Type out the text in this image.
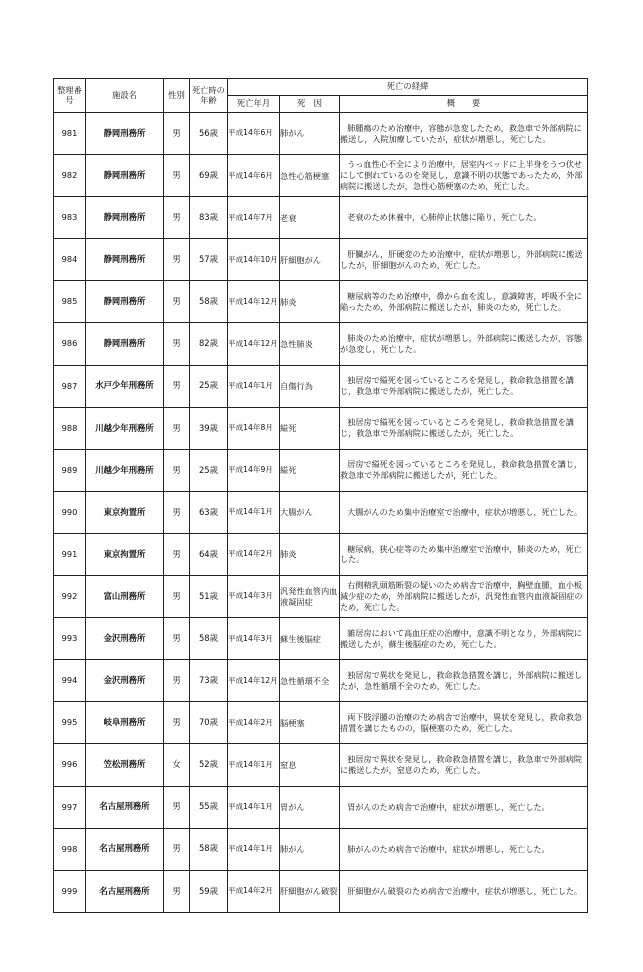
整理番号	施設名	性別	死亡時の年齢	死亡の経緯		
				死亡年月	死　因	概　　要
981	静岡刑務所	男	56歳	平成14年6月	肺がん	肺腫瘍のため治療中，容態が急変したため，救急車で外部病院に搬送し，入院加療していたが，症状が増悪し，死亡した。
982	静岡刑務所	男	69歳	平成14年6月	急性心筋梗塞	うっ血性心不全により治療中，居室内ベッドに上半身をうつ伏せにして倒れているのを発見し，意識不明の状態であったため，外部病院に搬送したが，急性心筋梗塞のため，死亡した。
983	静岡刑務所	男	83歳	平成14年7月	老衰	老衰のため休養中，心肺停止状態に陥り，死亡した。
984	静岡刑務所	男	57歳	平成14年10月	肝細胞がん	肝臓がん，肝硬変のため治療中，症状が増悪し，外部病院に搬送したが，肝細胞がんのため，死亡した。
985	静岡刑務所	男	58歳	平成14年12月	肺炎	糖尿病等のため治療中，鼻から血を流し，意識障害，呼吸不全に陥ったため，外部病院に搬送したが，肺炎のため，死亡した。
986	静岡刑務所	男	82歳	平成14年12月	急性肺炎	肺炎のため治療中，症状が増悪し，外部病院に搬送したが，容態が急変し，死亡した。
987	水戸少年刑務所	男	25歳	平成14年1月	自傷行為	独居房で縊死を図っているところを発見し，救命救急措置を講じ，救急車で外部病院に搬送したが，死亡した。
988	川越少年刑務所	男	39歳	平成14年8月	縊死	独居房で縊死を図っているところを発見し，救命救急措置を講じ，救急車で外部病院に搬送したが，死亡した。
989	川越少年刑務所	男	25歳	平成14年9月	縊死	居房で縊死を図っているところを発見し，救命救急措置を講じ，救急車で外部病院に搬送したが，死亡した。
990	東京拘置所	男	63歳	平成14年1月	大腸がん	大腸がんのため集中治療室で治療中，症状が増悪し，死亡した。
991	東京拘置所	男	64歳	平成14年2月	肺炎	糖尿病，狭心症等のため集中治療室で治療中，肺炎のため，死亡した。
992	富山刑務所	男	51歳	平成14年3月	汎発性血管内血液凝固症	右側精乳頭筋断裂の疑いのため病舎で治療中，胸壁血腫，血小板減少症のため，外部病院に搬送したが，汎発性血管内血液凝固症のため，死亡した。
993	金沢刑務所	男	58歳	平成14年3月	蘇生後脳症	雑居房において高血圧症の治療中，意識不明となり，外部病院に搬送したが，蘇生後脳症のため，死亡した。
994	金沢刑務所	男	73歳	平成14年12月	急性循環不全	独居房で異状を発見し，救命救急措置を講じ，外部病院に搬送したが，急性循環不全のため，死亡した。
995	岐阜刑務所	男	70歳	平成14年2月	脳梗塞	両下肢浮腫の治療のため病舎で治療中，異状を発見し，救命救急措置を講じたものの，脳梗塞のため，死亡した。
996	笠松刑務所	女	52歳	平成14年1月	窒息	独居房で異状を発見し，救命救急措置を講じ，救急車で外部病院に搬送したが，窒息のため，死亡した。
997	名古屋刑務所	男	55歳	平成14年1月	胃がん	胃がんのため病舎で治療中，症状が増悪し，死亡した。
998	名古屋刑務所	男	58歳	平成14年1月	肺がん	肺がんのため病舎で治療中，症状が増悪し，死亡した。
999	名古屋刑務所	男	59歳	平成14年2月	肝細胞がん破裂	肝細胞がん破裂のため病舎で治療中，症状が増悪し，死亡した。
